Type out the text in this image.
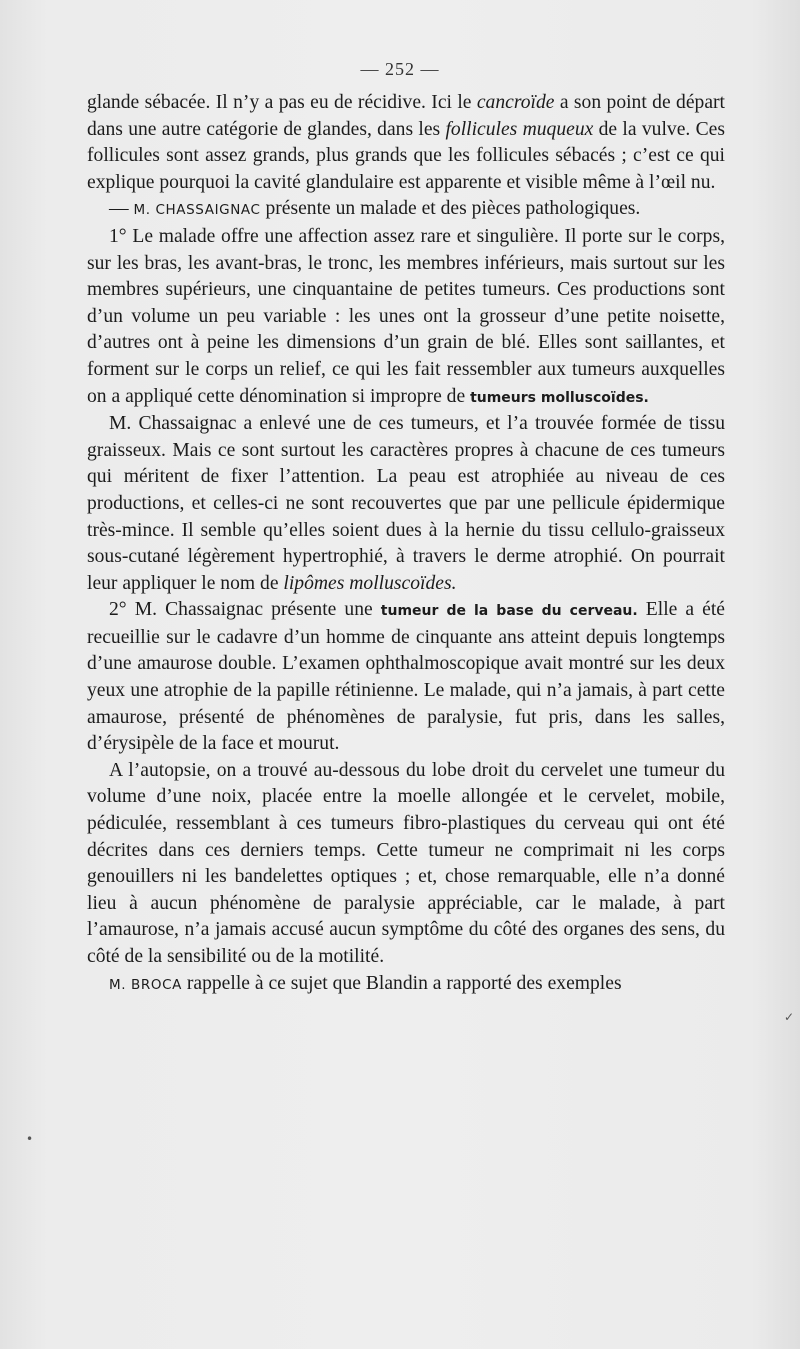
— 252 —

glande sébacée. Il n’y a pas eu de récidive. Ici le cancroïde a son point de départ dans une autre catégorie de glandes, dans les follicules muqueux de la vulve. Ces follicules sont assez grands, plus grands que les follicules sébacés ; c’est ce qui explique pourquoi la cavité glandulaire est apparente et visible même à l’œil nu.

— M. CHASSAIGNAC présente un malade et des pièces pathologiques.

1° Le malade offre une affection assez rare et singulière. Il porte sur le corps, sur les bras, les avant-bras, le tronc, les membres inférieurs, mais surtout sur les membres supérieurs, une cinquantaine de petites tumeurs. Ces productions sont d’un volume un peu variable : les unes ont la grosseur d’une petite noisette, d’autres ont à peine les dimensions d’un grain de blé. Elles sont saillantes, et forment sur le corps un relief, ce qui les fait ressembler aux tumeurs auxquelles on a appliqué cette dénomination si impropre de tumeurs molluscoïdes.

M. Chassaignac a enlevé une de ces tumeurs, et l’a trouvée formée de tissu graisseux. Mais ce sont surtout les caractères propres à chacune de ces tumeurs qui méritent de fixer l’attention. La peau est atrophiée au niveau de ces productions, et celles-ci ne sont recouvertes que par une pellicule épidermique très-mince. Il semble qu’elles soient dues à la hernie du tissu cellulo-graisseux sous-cutané légèrement hypertrophié, à travers le derme atrophié. On pourrait leur appliquer le nom de lipômes molluscoïdes.

2° M. Chassaignac présente une tumeur de la base du cerveau. Elle a été recueillie sur le cadavre d’un homme de cinquante ans atteint depuis longtemps d’une amaurose double. L’examen ophthalmoscopique avait montré sur les deux yeux une atrophie de la papille rétinienne. Le malade, qui n’a jamais, à part cette amaurose, présenté de phénomènes de paralysie, fut pris, dans les salles, d’érysipèle de la face et mourut.

A l’autopsie, on a trouvé au-dessous du lobe droit du cervelet une tumeur du volume d’une noix, placée entre la moelle allongée et le cervelet, mobile, pédiculée, ressemblant à ces tumeurs fibro-plastiques du cerveau qui ont été décrites dans ces derniers temps. Cette tumeur ne comprimait ni les corps genouillers ni les bandelettes optiques ; et, chose remarquable, elle n’a donné lieu à aucun phénomène de paralysie appréciable, car le malade, à part l’amaurose, n’a jamais accusé aucun symptôme du côté des organes des sens, du côté de la sensibilité ou de la motilité.

M. BROCA rappelle à ce sujet que Blandin a rapporté des exemples

✓
•
